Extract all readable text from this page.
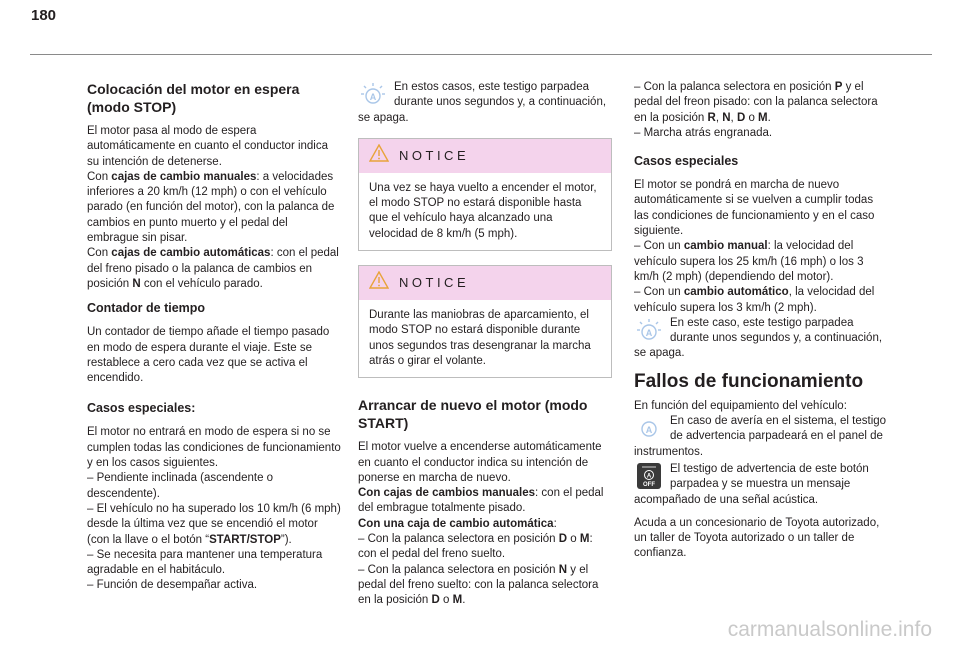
180
Colocación del motor en espera (modo STOP)

El motor pasa al modo de espera automáticamente en cuanto el conductor indica su intención de detenerse.
Con cajas de cambio manuales: a velocidades inferiores a 20 km/h (12 mph) o con el vehículo parado (en función del motor), con la palanca de cambios en punto muerto y el pedal del embrague sin pisar.
Con cajas de cambio automáticas: con el pedal del freno pisado o la palanca de cambios en posición N con el vehículo parado.

Contador de tiempo

Un contador de tiempo añade el tiempo pasado en modo de espera durante el viaje. Este se restablece a cero cada vez que se activa el encendido.

Casos especiales:

El motor no entrará en modo de espera si no se cumplen todas las condiciones de funcionamiento y en los casos siguientes.
– Pendiente inclinada (ascendente o descendente).
– El vehículo no ha superado los 10 km/h (6 mph) desde la última vez que se encendió el motor (con la llave o el botón “START/STOP”).
– Se necesita para mantener una temperatura agradable en el habitáculo.
– Función de desempañar activa.

A
En estos casos, este testigo parpadea durante unos segundos y, a continuación, se apaga.
NOTICE
Una vez se haya vuelto a encender el motor, el modo STOP no estará disponible hasta que el vehículo haya alcanzado una velocidad de 8 km/h (5 mph).
NOTICE
Durante las maniobras de aparcamiento, el modo STOP no estará disponible durante unos segundos tras desengranar la marcha atrás o girar el volante.
Arrancar de nuevo el motor (modo START)

El motor vuelve a encenderse automáticamente en cuanto el conductor indica su intención de ponerse en marcha de nuevo.
Con cajas de cambios manuales: con el pedal del embrague totalmente pisado.
Con una caja de cambio automática:
– Con la palanca selectora en posición D o M: con el pedal del freno suelto.
– Con la palanca selectora en posición N y el pedal del freno suelto: con la palanca selectora en la posición D o M.

– Con la palanca selectora en posición P y el pedal del freon pisado: con la palanca selectora en la posición R, N, D o M.
– Marcha atrás engranada.

Casos especiales

El motor se pondrá en marcha de nuevo automáticamente si se vuelven a cumplir todas las condiciones de funcionamiento y en el caso siguiente.
– Con un cambio manual: la velocidad del vehículo supera los 25 km/h (16 mph) o los 3 km/h (2 mph) (dependiendo del motor).
– Con un cambio automático, la velocidad del vehículo supera los 3 km/h (2 mph).

A
En este caso, este testigo parpadea durante unos segundos y, a continuación, se apaga.
Fallos de funcionamiento

En función del equipamiento del vehículo:

A
En caso de avería en el sistema, el testigo de advertencia parpadeará en el panel de instrumentos.
A
OFF
El testigo de advertencia de este botón parpadea y se muestra un mensaje acompañado de una señal acústica.

Acuda a un concesionario de Toyota autorizado, un taller de Toyota autorizado o un taller de confianza.

carmanualsonline.info
